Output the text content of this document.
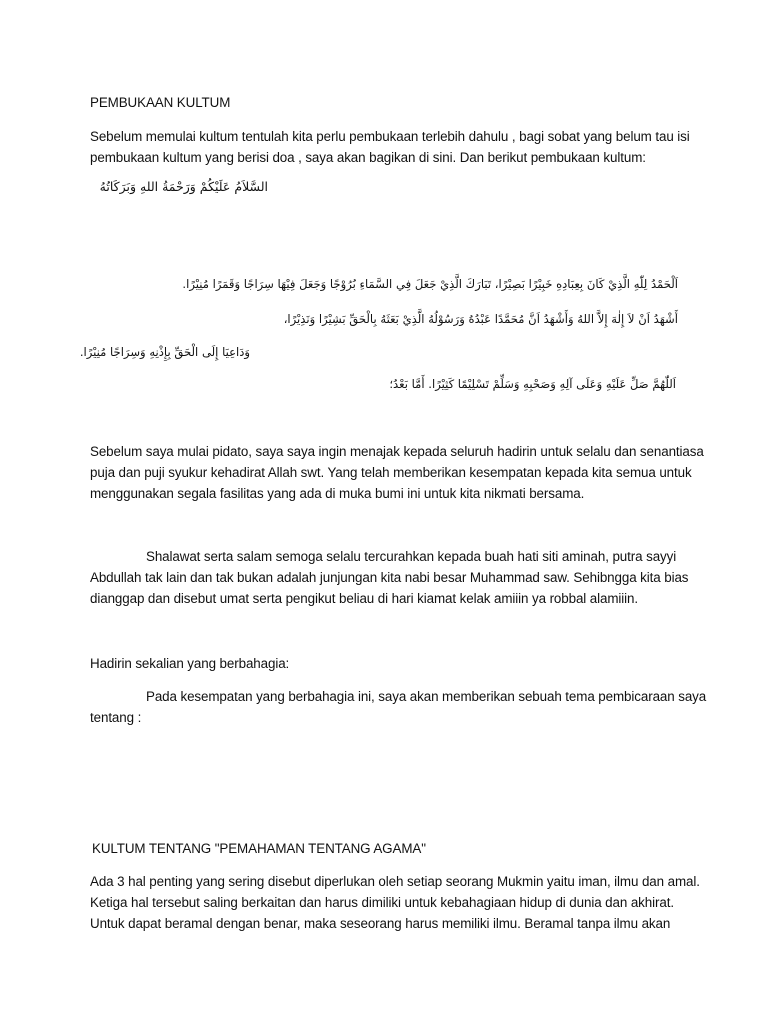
PEMBUKAAN KULTUM
Sebelum memulai kultum tentulah kita perlu pembukaan terlebih dahulu , bagi sobat yang belum tau isi
pembukaan kultum yang berisi doa , saya akan bagikan di sini. Dan berikut pembukaan kultum:
السَّلاَمُ عَلَيْكُمْ وَرَحْمَةُ اللهِ وَبَرَكَاتُهُ
اَلْحَمْدُ لِلّٰهِ الَّذِيْ كَانَ بِعِبَادِهِ خَبِيْرًا بَصِيْرًا، تَبَارَكَ الَّذِيْ جَعَلَ فِي السَّمَاءِ بُرُوْجًا وَجَعَلَ فِيْهَا سِرَاجًا وَقَمَرًا مُنِيْرًا.
أَشْهَدُ اَنْ لاَ إِلٰهَ إِلاَّ اللهُ وَأَشْهَدُ اَنَّ مُحَمَّدًا عَبْدُهُ وَرَسُوْلُهُ الَّذِيْ بَعَثَهُ بِالْحَقِّ بَشِيْرًا وَنَذِيْرًا،
وَدَاعِيَا إِلَى الْحَقِّ بِإِذْنِهِ وَسِرَاجًا مُنِيْرًا.
اَللّٰهُمَّ صَلِّ عَلَيْهِ وَعَلَى آلِهِ وَصَحْبِهِ وَسَلِّمْ تَسْلِيْمًا كَثِيْرًا. أَمَّا بَعْدُ؛
Sebelum saya mulai pidato, saya saya ingin menajak kepada seluruh hadirin untuk selalu dan senantiasa
puja dan puji syukur kehadirat Allah swt. Yang telah memberikan kesempatan kepada kita semua untuk
menggunakan segala fasilitas yang ada di muka bumi ini untuk kita nikmati bersama.
Shalawat serta salam semoga selalu tercurahkan kepada buah hati siti aminah, putra sayyi
Abdullah tak lain dan tak bukan adalah junjungan kita nabi besar Muhammad saw. Sehibngga kita bias
dianggap dan disebut umat serta pengikut beliau di hari kiamat kelak amiiin ya robbal alamiiin.
Hadirin sekalian yang berbahagia:
Pada kesempatan yang berbahagia ini, saya akan memberikan sebuah tema pembicaraan saya
tentang :
KULTUM TENTANG "PEMAHAMAN TENTANG AGAMA"
Ada 3 hal penting yang sering disebut diperlukan oleh setiap seorang Mukmin yaitu iman, ilmu dan amal.
Ketiga hal tersebut saling berkaitan dan harus dimiliki untuk kebahagiaan hidup di dunia dan akhirat.
Untuk dapat beramal dengan benar, maka seseorang harus memiliki ilmu. Beramal tanpa ilmu akan
